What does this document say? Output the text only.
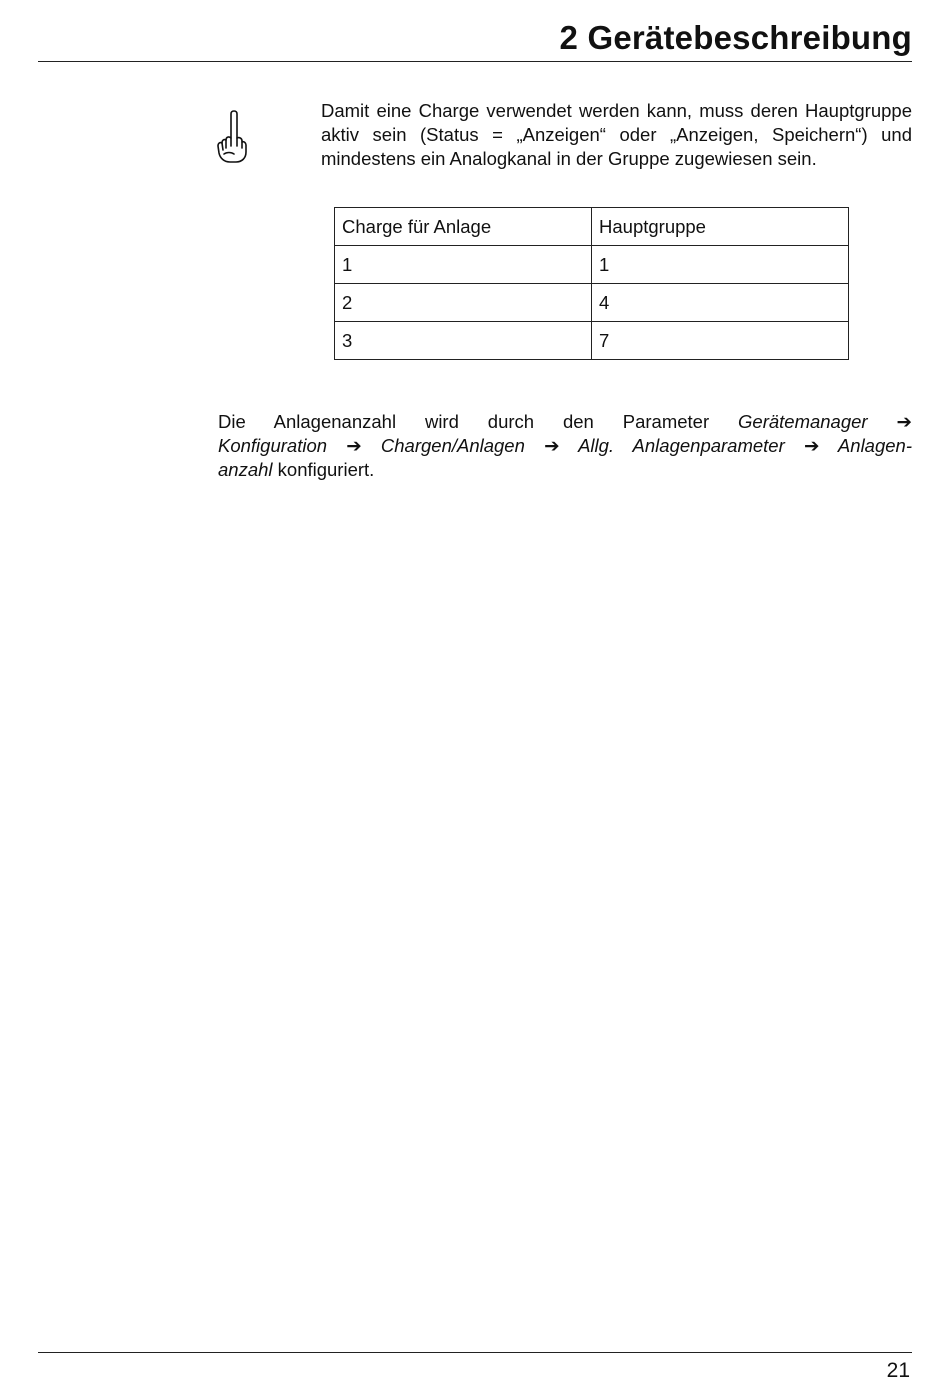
2 Gerätebeschreibung

Damit eine Charge verwendet werden kann, muss deren Hauptgruppe aktiv sein (Status = „Anzeigen“ oder „Anzeigen, Speichern“) und mindestens ein Analogkanal in der Gruppe zugewiesen sein.

Charge für Anlage	Hauptgruppe
1	1
2	4
3	7

Die Anlagenanzahl wird durch den Parameter Gerätemanager ➔
Konfiguration ➔ Chargen/Anlagen ➔ Allg. Anlagenparameter ➔ Anlagen-
anzahl konfiguriert.

21
